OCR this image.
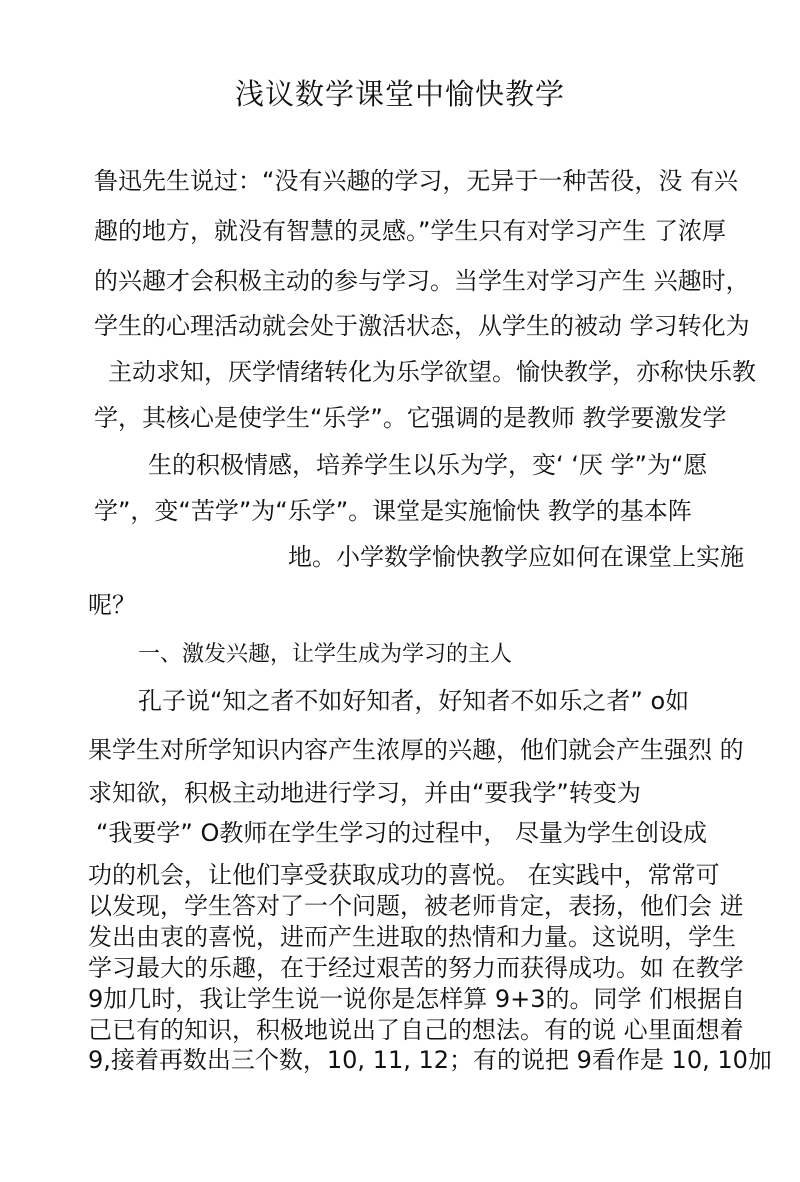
浅议数学课堂中愉快教学
鲁迅先生说过：“没有兴趣的学习，无异于一种苦役，没 有兴
趣的地方，就没有智慧的灵感。”学生只有对学习产生 了浓厚
的兴趣才会积极主动的参与学习。当学生对学习产生 兴趣时，
学生的心理活动就会处于激活状态，从学生的被动 学习转化为
主动求知，厌学情绪转化为乐学欲望。愉快教学，亦称快乐教
学，其核心是使学生“乐学”。它强调的是教师 教学要激发学
生的积极情感，培养学生以乐为学，变‘ ‘厌 学”为“愿
学”，变“苦学”为“乐学”。课堂是实施愉快 教学的基本阵
地。小学数学愉快教学应如何在课堂上实施
呢？
一、激发兴趣，让学生成为学习的主人
孔子说“知之者不如好知者，好知者不如乐之者” o如
果学生对所学知识内容产生浓厚的兴趣，他们就会产生强烈 的
求知欲，积极主动地进行学习，并由“要我学”转变为
“我要学” O教师在学生学习的过程中， 尽量为学生创设成
功的机会，让他们享受获取成功的喜悦。 在实践中，常常可
以发现，学生答对了一个问题，被老师肯定，表扬，他们会 迸
发出由衷的喜悦，进而产生进取的热情和力量。这说明，学生
学习最大的乐趣，在于经过艰苦的努力而获得成功。如 在教学
9加几时，我让学生说一说你是怎样算 9+3的。同学 们根据自
己已有的知识，积极地说出了自己的想法。有的说 心里面想着
9,接着再数出三个数，10, 11, 12；有的说把 9看作是 10, 10加
